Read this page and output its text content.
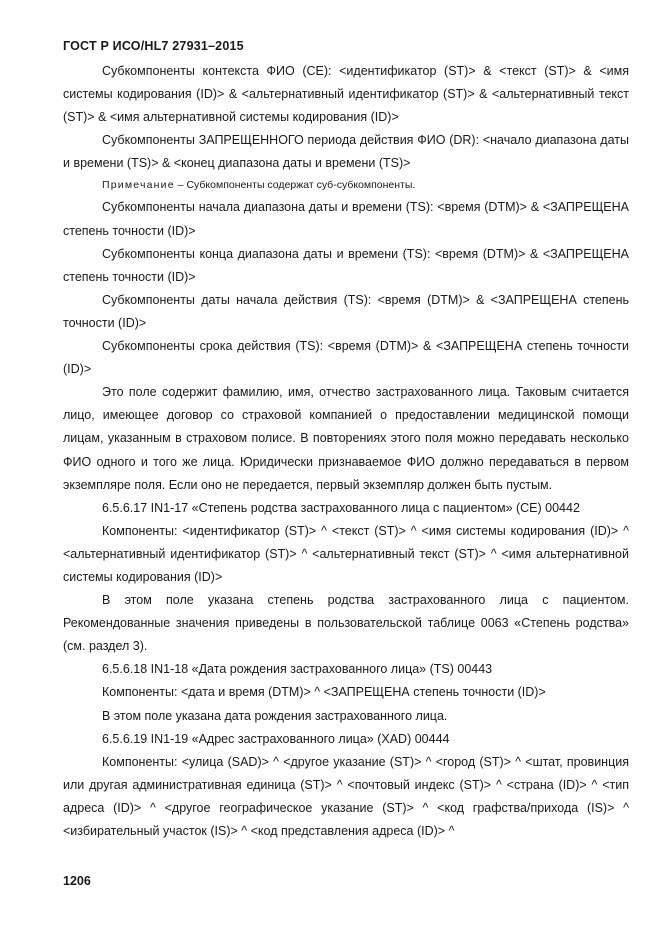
ГОСТ Р ИСО/HL7 27931–2015

Субкомпоненты контекста ФИО (CE): <идентификатор (ST)> & <текст (ST)> & <имя системы кодирования (ID)> & <альтернативный идентификатор (ST)> & <альтернативный текст (ST)> & <имя альтернативной системы кодирования (ID)>

Субкомпоненты ЗАПРЕЩЕННОГО периода действия ФИО (DR): <начало диапазона даты и времени (TS)> & <конец диапазона даты и времени (TS)>

Примечание – Субкомпоненты содержат суб-субкомпоненты.

Субкомпоненты начала диапазона даты и времени (TS): <время (DTM)> & <ЗАПРЕЩЕНА степень точности (ID)>

Субкомпоненты конца диапазона даты и времени (TS): <время (DTM)> & <ЗАПРЕЩЕНА степень точности (ID)>

Субкомпоненты даты начала действия (TS): <время (DTM)> & <ЗАПРЕЩЕНА степень точности (ID)>

Субкомпоненты срока действия (TS): <время (DTM)> & <ЗАПРЕЩЕНА степень точности (ID)>

Это поле содержит фамилию, имя, отчество застрахованного лица. Таковым считается лицо, имеющее договор со страховой компанией о предоставлении медицинской помощи лицам, указанным в страховом полисе. В повторениях этого поля можно передавать несколько ФИО одного и того же лица. Юридически признаваемое ФИО должно передаваться в первом экземпляре поля. Если оно не передается, первый экземпляр должен быть пустым.

6.5.6.17 IN1-17 «Степень родства застрахованного лица с пациентом» (CE) 00442

Компоненты: <идентификатор (ST)> ^ <текст (ST)> ^ <имя системы кодирования (ID)> ^ <альтернативный идентификатор (ST)> ^ <альтернативный текст (ST)> ^ <имя альтернативной системы кодирования (ID)>

В этом поле указана степень родства застрахованного лица с пациентом. Рекомендованные значения приведены в пользовательской таблице 0063 «Степень родства» (см. раздел 3).

6.5.6.18 IN1-18 «Дата рождения застрахованного лица» (TS) 00443

Компоненты: <дата и время (DTM)> ^ <ЗАПРЕЩЕНА степень точности (ID)>

В этом поле указана дата рождения застрахованного лица.

6.5.6.19 IN1-19 «Адрес застрахованного лица» (XAD) 00444

Компоненты: <улица (SAD)> ^ <другое указание (ST)> ^ <город (ST)> ^ <штат, провинция или другая административная единица (ST)> ^ <почтовый индекс (ST)> ^ <страна (ID)> ^ <тип адреса (ID)> ^ <другое географическое указание (ST)> ^ <код графства/прихода (IS)> ^ <избирательный участок (IS)> ^ <код представления адреса (ID)> ^

1206
